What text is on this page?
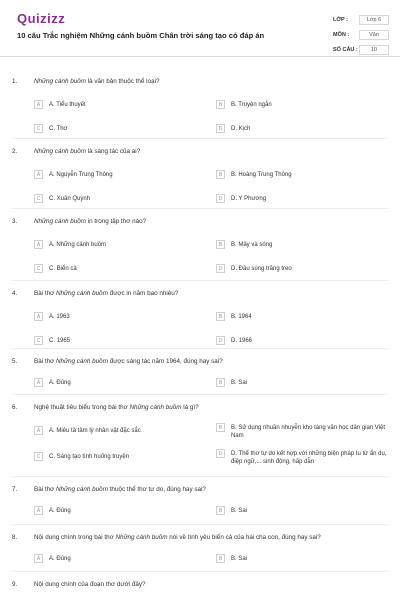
Quizizz
10 câu Trắc nghiệm Những cánh buồm Chân trời sáng tạo có đáp án
LỚP :	Lớp 6
MÔN :	Văn
SỐ CÂU :	10
1.	Những cánh buồm là văn bản thuộc thể loại?
A	A. Tiểu thuyết	B	B. Truyện ngắn
C	C. Thơ	D	D. Kịch
2.	Những cánh buồm là sáng tác của ai?
A	A. Nguyễn Trung Thông	B	B. Hoàng Trung Thông
C	C. Xuân Quỳnh	D	D. Y Phương
3.	Những cánh buồm in trong tập thơ nào?
A	A. Những cánh buồm	B	B. Mây và sóng
C	C. Biển cả	D	D. Đầu súng trăng treo
4.	Bài thơ Những cánh buồm được in năm bao nhiêu?
A	A. 1963	B	B. 1964
C	C. 1965	D	D. 1966
5.	Bài thơ Những cánh buồm được sáng tác năm 1964, đúng hay sai?
A	A. Đúng	B	B. Sai
6.	Nghệ thuật tiêu biểu trong bài thơ Những cánh buồm là gì?
A	A. Miêu tả tâm lý nhân vật đặc sắc	B	B. Sử dụng nhuần nhuyễn kho tàng văn học dân gian Việt Nam
C	C. Sáng tạo tình huống truyện	D	D. Thể thơ tự do kết hợp với những biện pháp tu từ ẩn dụ, điệp ngữ,... sinh động, hấp dẫn
7.	Bài thơ Những cánh buồm thuộc thể thơ tự do, đúng hay sai?
A	A. Đúng	B	B. Sai
8.	Nội dung chính trong bài thơ Những cánh buồm nói về tình yêu biển cả của hai cha con, đúng hay sai?
A	A. Đúng	B	B. Sai
9.	Nội dung chính của đoạn thơ dưới đây?
